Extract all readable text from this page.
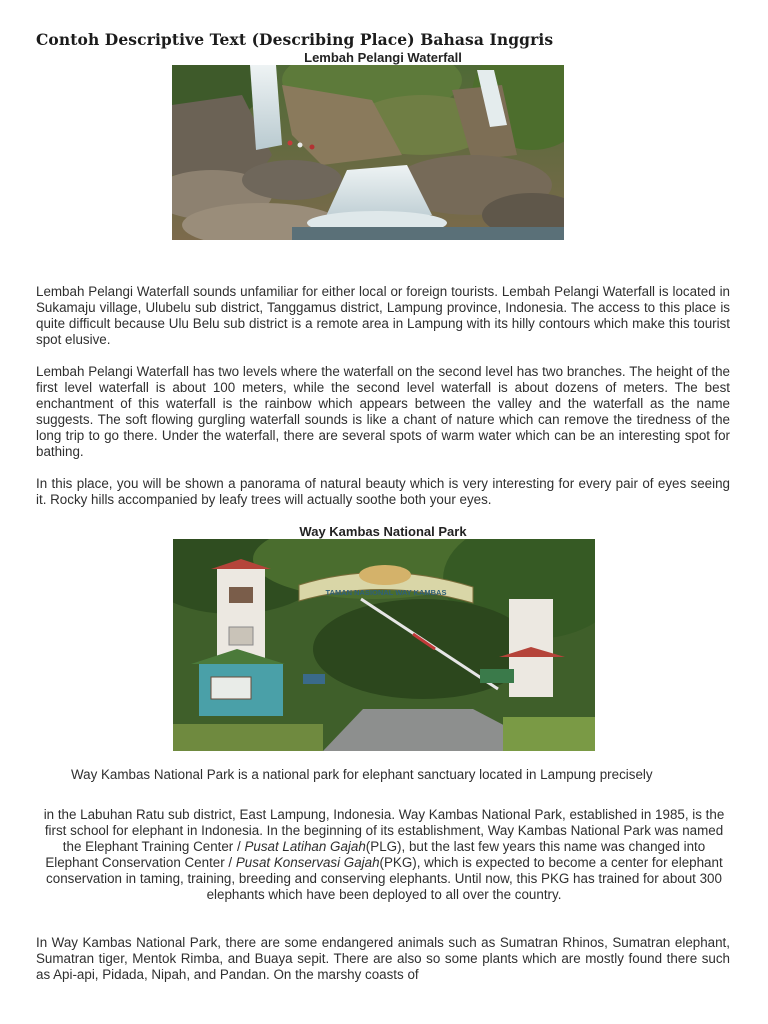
Contoh Descriptive Text (Describing Place) Bahasa Inggris
Lembah Pelangi Waterfall

Lembah Pelangi Waterfall sounds unfamiliar for either local or foreign tourists. Lembah Pelangi Waterfall is located in Sukamaju village, Ulubelu sub district, Tanggamus district, Lampung province, Indonesia. The access to this place is quite difficult because Ulu Belu sub district is a remote area in Lampung with its hilly contours which make this tourist spot elusive.

Lembah Pelangi Waterfall has two levels where the waterfall on the second level has two branches. The height of the first level waterfall is about 100 meters, while the second level waterfall is about dozens of meters. The best enchantment of this waterfall is the rainbow which appears between the valley and the waterfall as the name suggests. The soft flowing gurgling waterfall sounds is like a chant of nature which can remove the tiredness of the long trip to go there. Under the waterfall, there are several spots of warm water which can be an interesting spot for bathing.

In this place, you will be shown a panorama of natural beauty which is very interesting for every pair of eyes seeing it. Rocky hills accompanied by leafy trees will actually soothe both your eyes.

Way Kambas National Park
TAMAN NASIONAL WAY KAMBAS
Way Kambas National Park is a national park for elephant sanctuary located in Lampung precisely

in the Labuhan Ratu sub district, East Lampung, Indonesia. Way Kambas National Park, established in 1985, is the first school for elephant in Indonesia. In the beginning of its establishment, Way Kambas National Park was named the Elephant Training Center / Pusat Latihan Gajah(PLG), but the last few years this name was changed into Elephant Conservation Center / Pusat Konservasi Gajah(PKG), which is expected to become a center for elephant conservation in taming, training, breeding and conserving elephants. Until now, this PKG has trained for about 300 elephants which have been deployed to all over the country.

In Way Kambas National Park, there are some endangered animals such as Sumatran Rhinos, Sumatran elephant, Sumatran tiger, Mentok Rimba, and Buaya sepit. There are also so some plants which are mostly found there such as Api-api, Pidada, Nipah, and Pandan. On the marshy coasts of
